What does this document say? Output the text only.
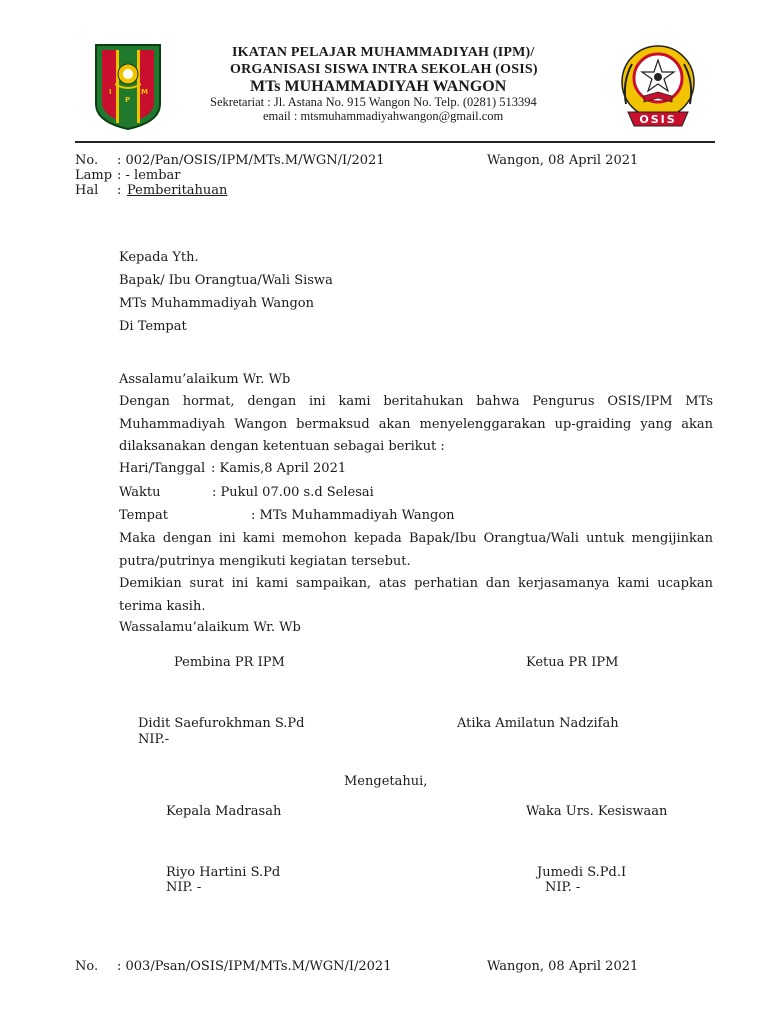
I
P
M
IKATAN PELAJAR MUHAMMADIYAH (IPM)/
ORGANISASI SISWA INTRA SEKOLAH (OSIS)
MTs MUHAMMADIYAH WANGON
Sekretariat : Jl. Astana No. 915 Wangon No. Telp. (0281) 513394
email : mtsmuhammadiyahwangon@gmail.com	OSIS
No. : 002/Pan/OSIS/IPM/MTs.M/WGN/I/2021	Wangon, 08 April 2021
Lamp : - lembar
Hal : Pemberitahuan
Kepada Yth.
Bapak/ Ibu Orangtua/Wali Siswa
MTs Muhammadiyah Wangon
Di Tempat
Assalamu’alaikum Wr. Wb
Dengan hormat, dengan ini kami beritahukan bahwa Pengurus OSIS/IPM MTs Muhammadiyah Wangon bermaksud akan menyelenggarakan up-graiding yang akan dilaksanakan dengan ketentuan sebagai berikut :
Hari/Tanggal : Kamis,8 April 2021
Waktu	: Pukul 07.00 s.d Selesai
Tempat	: MTs Muhammadiyah Wangon
Maka dengan ini kami memohon kepada Bapak/Ibu Orangtua/Wali untuk mengijinkan putra/putrinya mengikuti kegiatan tersebut.
Demikian surat ini kami sampaikan, atas perhatian dan kerjasamanya kami ucapkan terima kasih.
Wassalamu’alaikum Wr. Wb
Pembina PR IPM	Ketua PR IPM
Didit Saefurokhman S.Pd
NIP.-
Atika Amilatun Nadzifah
Mengetahui,
Kepala Madrasah	Waka Urs. Kesiswaan
Riyo Hartini S.Pd
NIP. -
Jumedi S.Pd.I
NIP. -
No. : 003/Psan/OSIS/IPM/MTs.M/WGN/I/2021	Wangon, 08 April 2021
